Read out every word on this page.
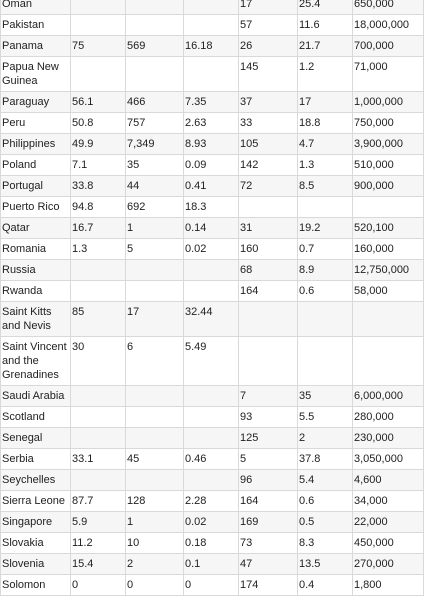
Oman				17	25.4	650,000
Pakistan				57	11.6	18,000,000
Panama	75	569	16.18	26	21.7	700,000
Papua New Guinea				145	1.2	71,000
Paraguay	56.1	466	7.35	37	17	1,000,000
Peru	50.8	757	2.63	33	18.8	750,000
Philippines	49.9	7,349	8.93	105	4.7	3,900,000
Poland	7.1	35	0.09	142	1.3	510,000
Portugal	33.8	44	0.41	72	8.5	900,000
Puerto Rico	94.8	692	18.3			
Qatar	16.7	1	0.14	31	19.2	520,100
Romania	1.3	5	0.02	160	0.7	160,000
Russia				68	8.9	12,750,000
Rwanda				164	0.6	58,000
Saint Kitts and Nevis	85	17	32.44			
Saint Vincent and the Grenadines	30	6	5.49			
Saudi Arabia				7	35	6,000,000
Scotland				93	5.5	280,000
Senegal				125	2	230,000
Serbia	33.1	45	0.46	5	37.8	3,050,000
Seychelles				96	5.4	4,600
Sierra Leone	87.7	128	2.28	164	0.6	34,000
Singapore	5.9	1	0.02	169	0.5	22,000
Slovakia	11.2	10	0.18	73	8.3	450,000
Slovenia	15.4	2	0.1	47	13.5	270,000
Solomon	0	0	0	174	0.4	1,800
